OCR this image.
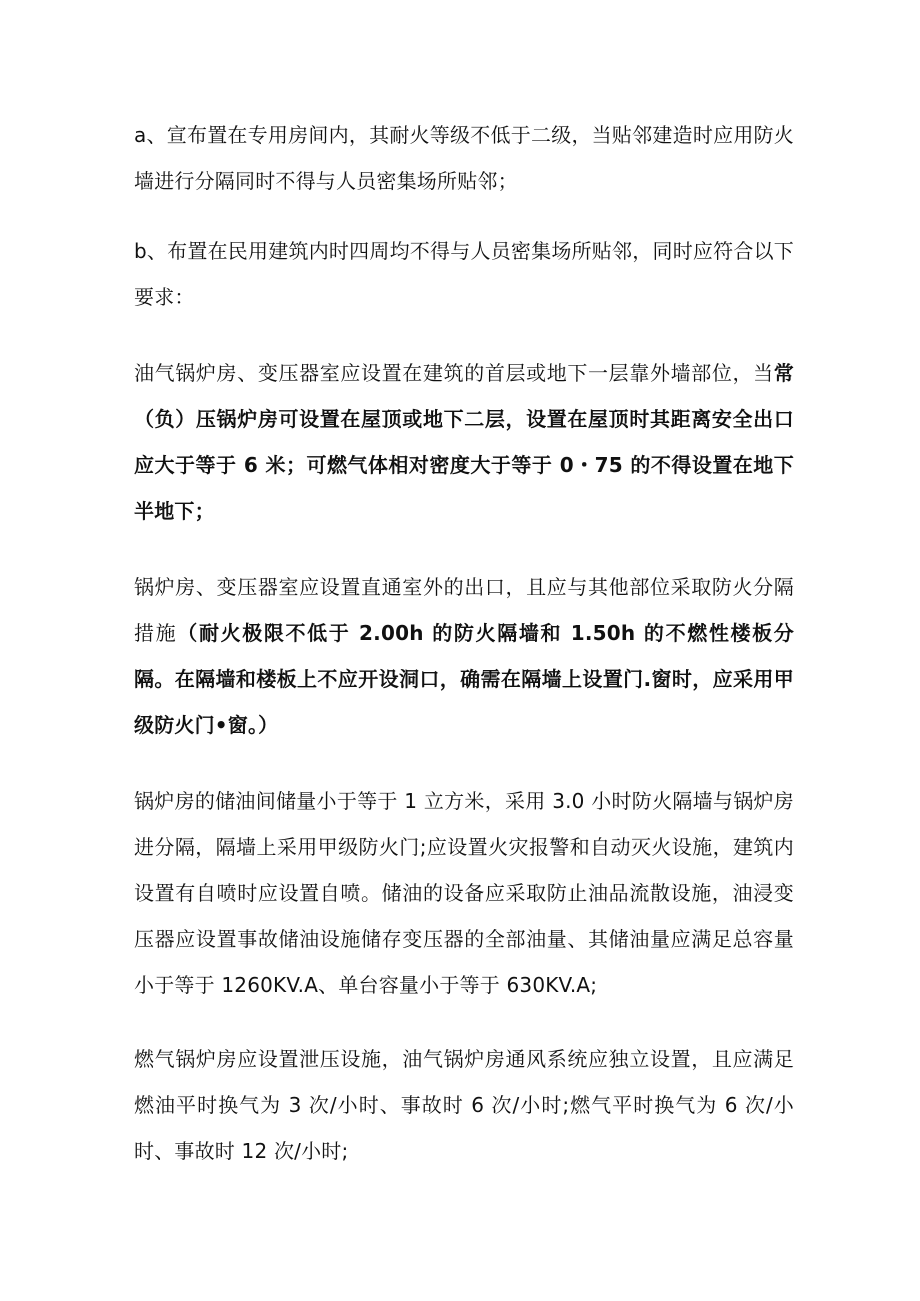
a、宣布置在专用房间内，其耐火等级不低于二级，当贴邻建造时应用防火墙进行分隔同时不得与人员密集场所贴邻；

b、布置在民用建筑内时四周均不得与人员密集场所贴邻，同时应符合以下要求：

油气锅炉房、变压器室应设置在建筑的首层或地下一层靠外墙部位，当常（负）压锅炉房可设置在屋顶或地下二层，设置在屋顶时其距离安全出口应大于等于 6 米；可燃气体相对密度大于等于 0・75 的不得设置在地下半地下；

锅炉房、变压器室应设置直通室外的出口，且应与其他部位采取防火分隔措施（耐火极限不低于 2.00h 的防火隔墙和 1.50h 的不燃性楼板分隔。在隔墙和楼板上不应开设洞口，确需在隔墙上设置门.窗时，应采用甲级防火门•窗。）

锅炉房的储油间储量小于等于 1 立方米，采用 3.0 小时防火隔墙与锅炉房进分隔，隔墙上采用甲级防火门;应设置火灾报警和自动灭火设施，建筑内设置有自喷时应设置自喷。储油的设备应采取防止油品流散设施，油浸变压器应设置事故储油设施储存变压器的全部油量、其储油量应满足总容量小于等于 1260KV.A、单台容量小于等于 630KV.A;

燃气锅炉房应设置泄压设施，油气锅炉房通风系统应独立设置，且应满足燃油平时换气为 3 次/小时、事故时 6 次/小时;燃气平时换气为 6 次/小时、事故时 12 次/小时;
